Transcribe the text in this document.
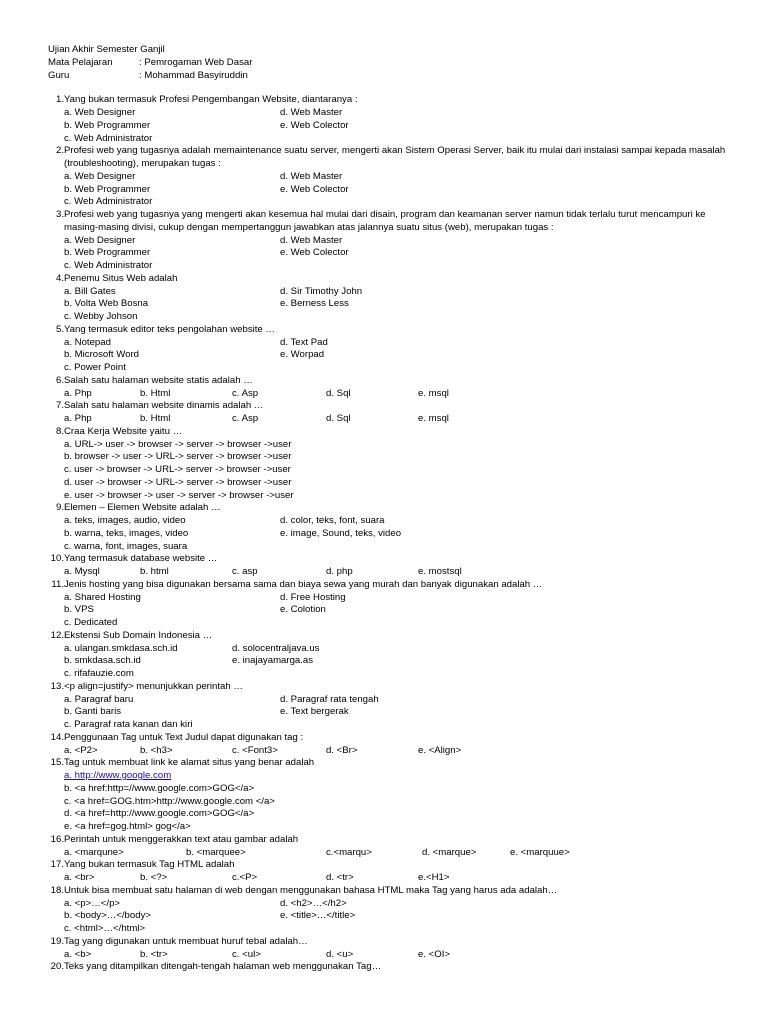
Ujian Akhir Semester Ganjil
Mata Pelajaran	: Pemrogaman Web Dasar
Guru	: Mohammad Basyiruddin
1. Yang bukan termasuk Profesi Pengembangan Website, diantaranya :
a. Web Designer	d. Web Master
b. Web Programmer	e. Web Colector
c. Web Administrator
2. Profesi web yang tugasnya adalah memaintenance suatu server, mengerti akan Sistem Operasi Server, baik itu mulai dari instalasi sampai kepada masalah (troubleshooting), merupakan tugas :
a. Web Designer	d. Web Master
b. Web Programmer	e. Web Colector
c. Web Administrator
3. Profesi web yang tugasnya yang mengerti akan kesemua hal mulai dari disain, program dan keamanan server namun tidak terlalu turut mencampuri ke masing-masing divisi, cukup dengan mempertanggun jawabkan atas jalannya suatu situs (web), merupakan tugas :
a. Web Designer	d. Web Master
b. Web Programmer	e. Web Colector
c. Web Administrator
4. Penemu Situs Web adalah
a. Bill Gates	d. Sir Timothy John
b. Volta Web Bosna	e. Berness Less
c. Webby Johson
5. Yang termasuk editor teks pengolahan website …
a. Notepad	d. Text Pad
b. Microsoft Word	e. Worpad
c. Power Point
6. Salah satu halaman website statis adalah …
a. Php	b. Html	c. Asp	d. Sql	e. msql
7. Salah satu halaman website dinamis adalah …
a. Php	b. Html	c. Asp	d. Sql	e. msql
8. Craa Kerja Website yaitu …
a. URL-> user -> browser -> server -> browser ->user
b. browser -> user -> URL-> server -> browser ->user
c. user -> browser -> URL-> server -> browser ->user
d. user -> browser -> URL-> server -> browser ->user
e. user -> browser -> user -> server -> browser ->user
9. Elemen – Elemen Website adalah …
a. teks, images, audio, video	d. color, teks, font, suara
b. warna, teks, images, video	e. image, Sound, teks, video
c. warna, font, images, suara
10. Yang termasuk database website …
a. Mysql	b. html	c. asp	d. php	e. mostsql
11. Jenis hosting yang bisa digunakan bersama sama dan biaya sewa yang murah dan banyak digunakan adalah …
a. Shared Hosting	d. Free Hosting
b. VPS	e. Colotion
c. Dedicated
12. Ekstensi Sub Domain Indonesia …
a. ulangan.smkdasa.sch.id	d. solocentraljava.us
b. smkdasa.sch.id	e. inajayamarga.as
c. rifafauzie.com
13. <p align=justify> menunjukkan perintah …
a. Paragraf baru	d. Paragraf rata tengah
b. Ganti baris	e. Text bergerak
c. Paragraf rata kanan dan kiri
14. Penggunaan Tag untuk Text Judul dapat digunakan tag :
a. <P2>	b. <h3>	c. <Font3>	d. <Br>	e. <Align>
15. Tag untuk membuat link ke alamat situs yang benar adalah
a. http://www.google.com
b. <a href:http=//www.google.com>GOG</a>
c. <a href=GOG.htm>http://www.google.com </a>
d. <a href=http://www.google.com>GOG</a>
e. <a href=gog.html> gog</a>
16. Perintah untuk menggerakkan text atau gambar adalah
a. <marqune>	b. <marquee>	c.<marqu>	d. <marque>	e. <marquue>
17. Yang bukan termasuk Tag HTML adalah
a. <br>	b. <?>	c.<P>	d. <tr>	e.<H1>
18. Untuk bisa membuat satu halaman di web dengan menggunakan bahasa HTML maka Tag yang harus ada adalah…
a. <p>…</p>	d. <h2>…</h2>
b. <body>…</body>	e. <title>…</title>
c. <html>…</html>
19. Tag yang digunakan untuk membuat huruf tebal adalah…
a. <b>	b. <tr>	c. <ul>	d. <u>	e. <OI>
20. Teks yang ditampilkan ditengah-tengah halaman web menggunakan Tag…
